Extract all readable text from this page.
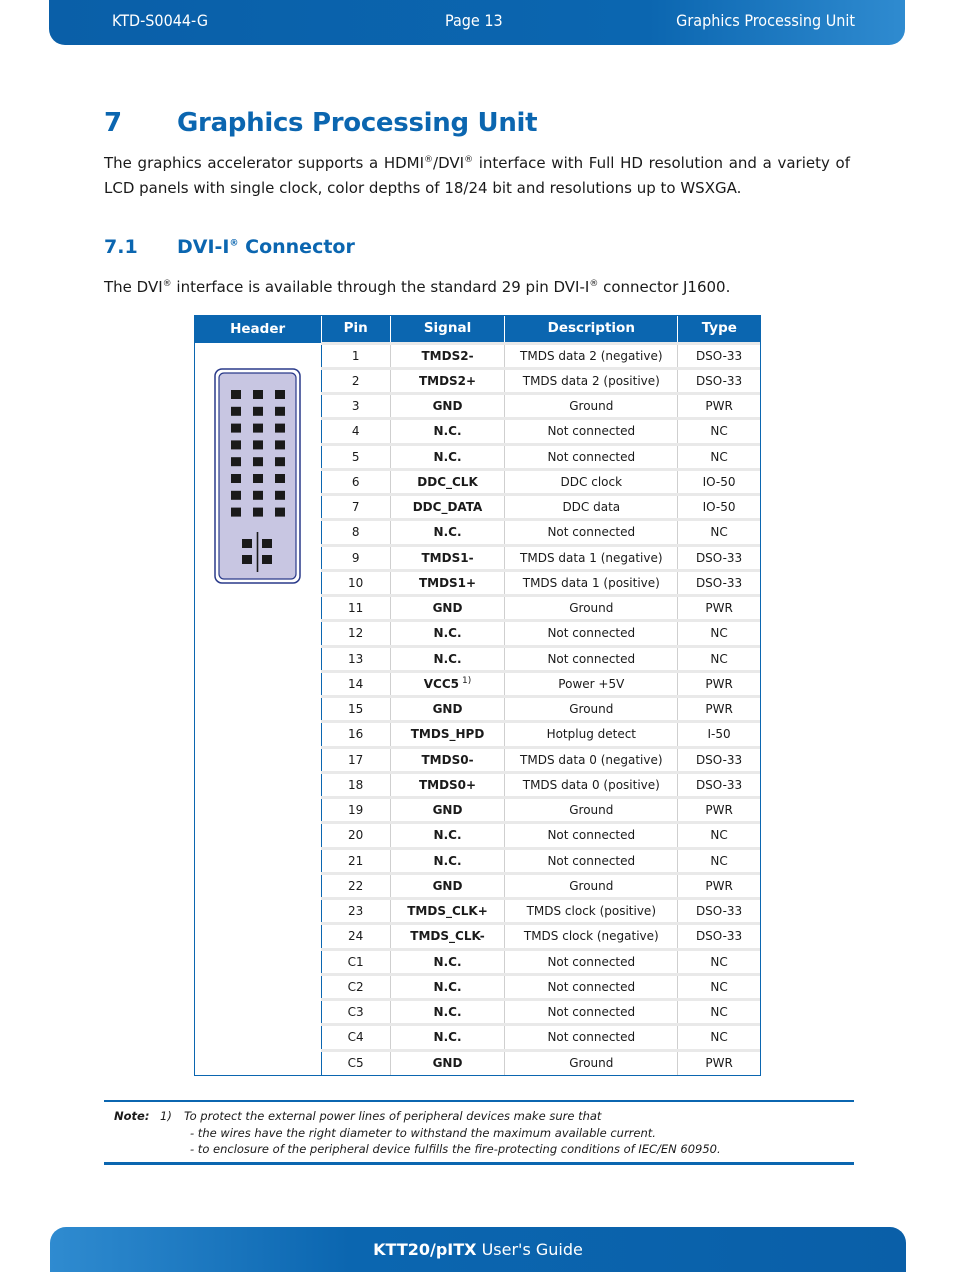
KTD-S0044-G	Page 13	Graphics Processing Unit
7 Graphics Processing Unit

The graphics accelerator supports a HDMI®/DVI® interface with Full HD resolution and a variety of LCD panels with single clock, color depths of 18/24 bit and resolutions up to WSXGA.

7.1 DVI-I® Connector

The DVI® interface is available through the standard 29 pin DVI-I® connector J1600.

Header	Pin	Signal	Description	Type
	1	TMDS2-	TMDS data 2 (negative)	DSO-33
	2	TMDS2+	TMDS data 2 (positive)	DSO-33
	3	GND	Ground	PWR
	4	N.C.	Not connected	NC
	5	N.C.	Not connected	NC
	6	DDC_CLK	DDC clock	IO-50
	7	DDC_DATA	DDC data	IO-50
	8	N.C.	Not connected	NC
	9	TMDS1-	TMDS data 1 (negative)	DSO-33
	10	TMDS1+	TMDS data 1 (positive)	DSO-33
	11	GND	Ground	PWR
	12	N.C.	Not connected	NC
	13	N.C.	Not connected	NC
	14	VCC5 $^{1)}$	Power +5V	PWR
	15	GND	Ground	PWR
	16	TMDS_HPD	Hotplug detect	I-50
	17	TMDS0-	TMDS data 0 (negative)	DSO-33
	18	TMDS0+	TMDS data 0 (positive)	DSO-33
	19	GND	Ground	PWR
	20	N.C.	Not connected	NC
	21	N.C.	Not connected	NC
	22	GND	Ground	PWR
	23	TMDS_CLK+	TMDS clock (positive)	DSO-33
	24	TMDS_CLK-	TMDS clock (negative)	DSO-33
	C1	N.C.	Not connected	NC
	C2	N.C.	Not connected	NC
	C3	N.C.	Not connected	NC
	C4	N.C.	Not connected	NC
	C5	GND	Ground	PWR
Note: 1) To protect the external power lines of peripheral devices make sure that
- the wires have the right diameter to withstand the maximum available current.
- to enclosure of the peripheral device fulfills the fire-protecting conditions of IEC/EN 60950.
KTT20/pITX User's Guide
